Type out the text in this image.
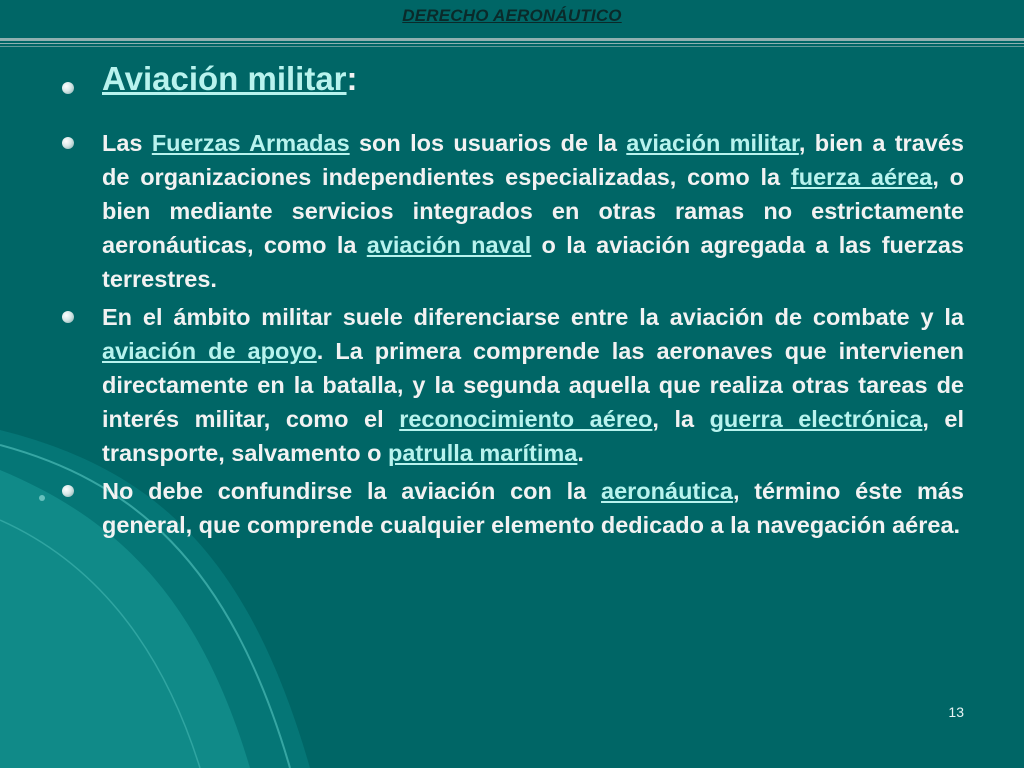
DERECHO AERONÁUTICO
Aviación militar:
Las Fuerzas Armadas son los usuarios de la aviación militar, bien a través de organizaciones independientes especializadas, como la fuerza aérea, o bien mediante servicios integrados en otras ramas no estrictamente aeronáuticas, como la aviación naval o la aviación agregada a las fuerzas terrestres.
En el ámbito militar suele diferenciarse entre la aviación de combate y la aviación de apoyo. La primera comprende las aeronaves que intervienen directamente en la batalla, y la segunda aquella que realiza otras tareas de interés militar, como el reconocimiento aéreo, la guerra electrónica, el transporte, salvamento o patrulla marítima.
No debe confundirse la aviación con la aeronáutica, término éste más general, que comprende cualquier elemento dedicado a la navegación aérea.
13
